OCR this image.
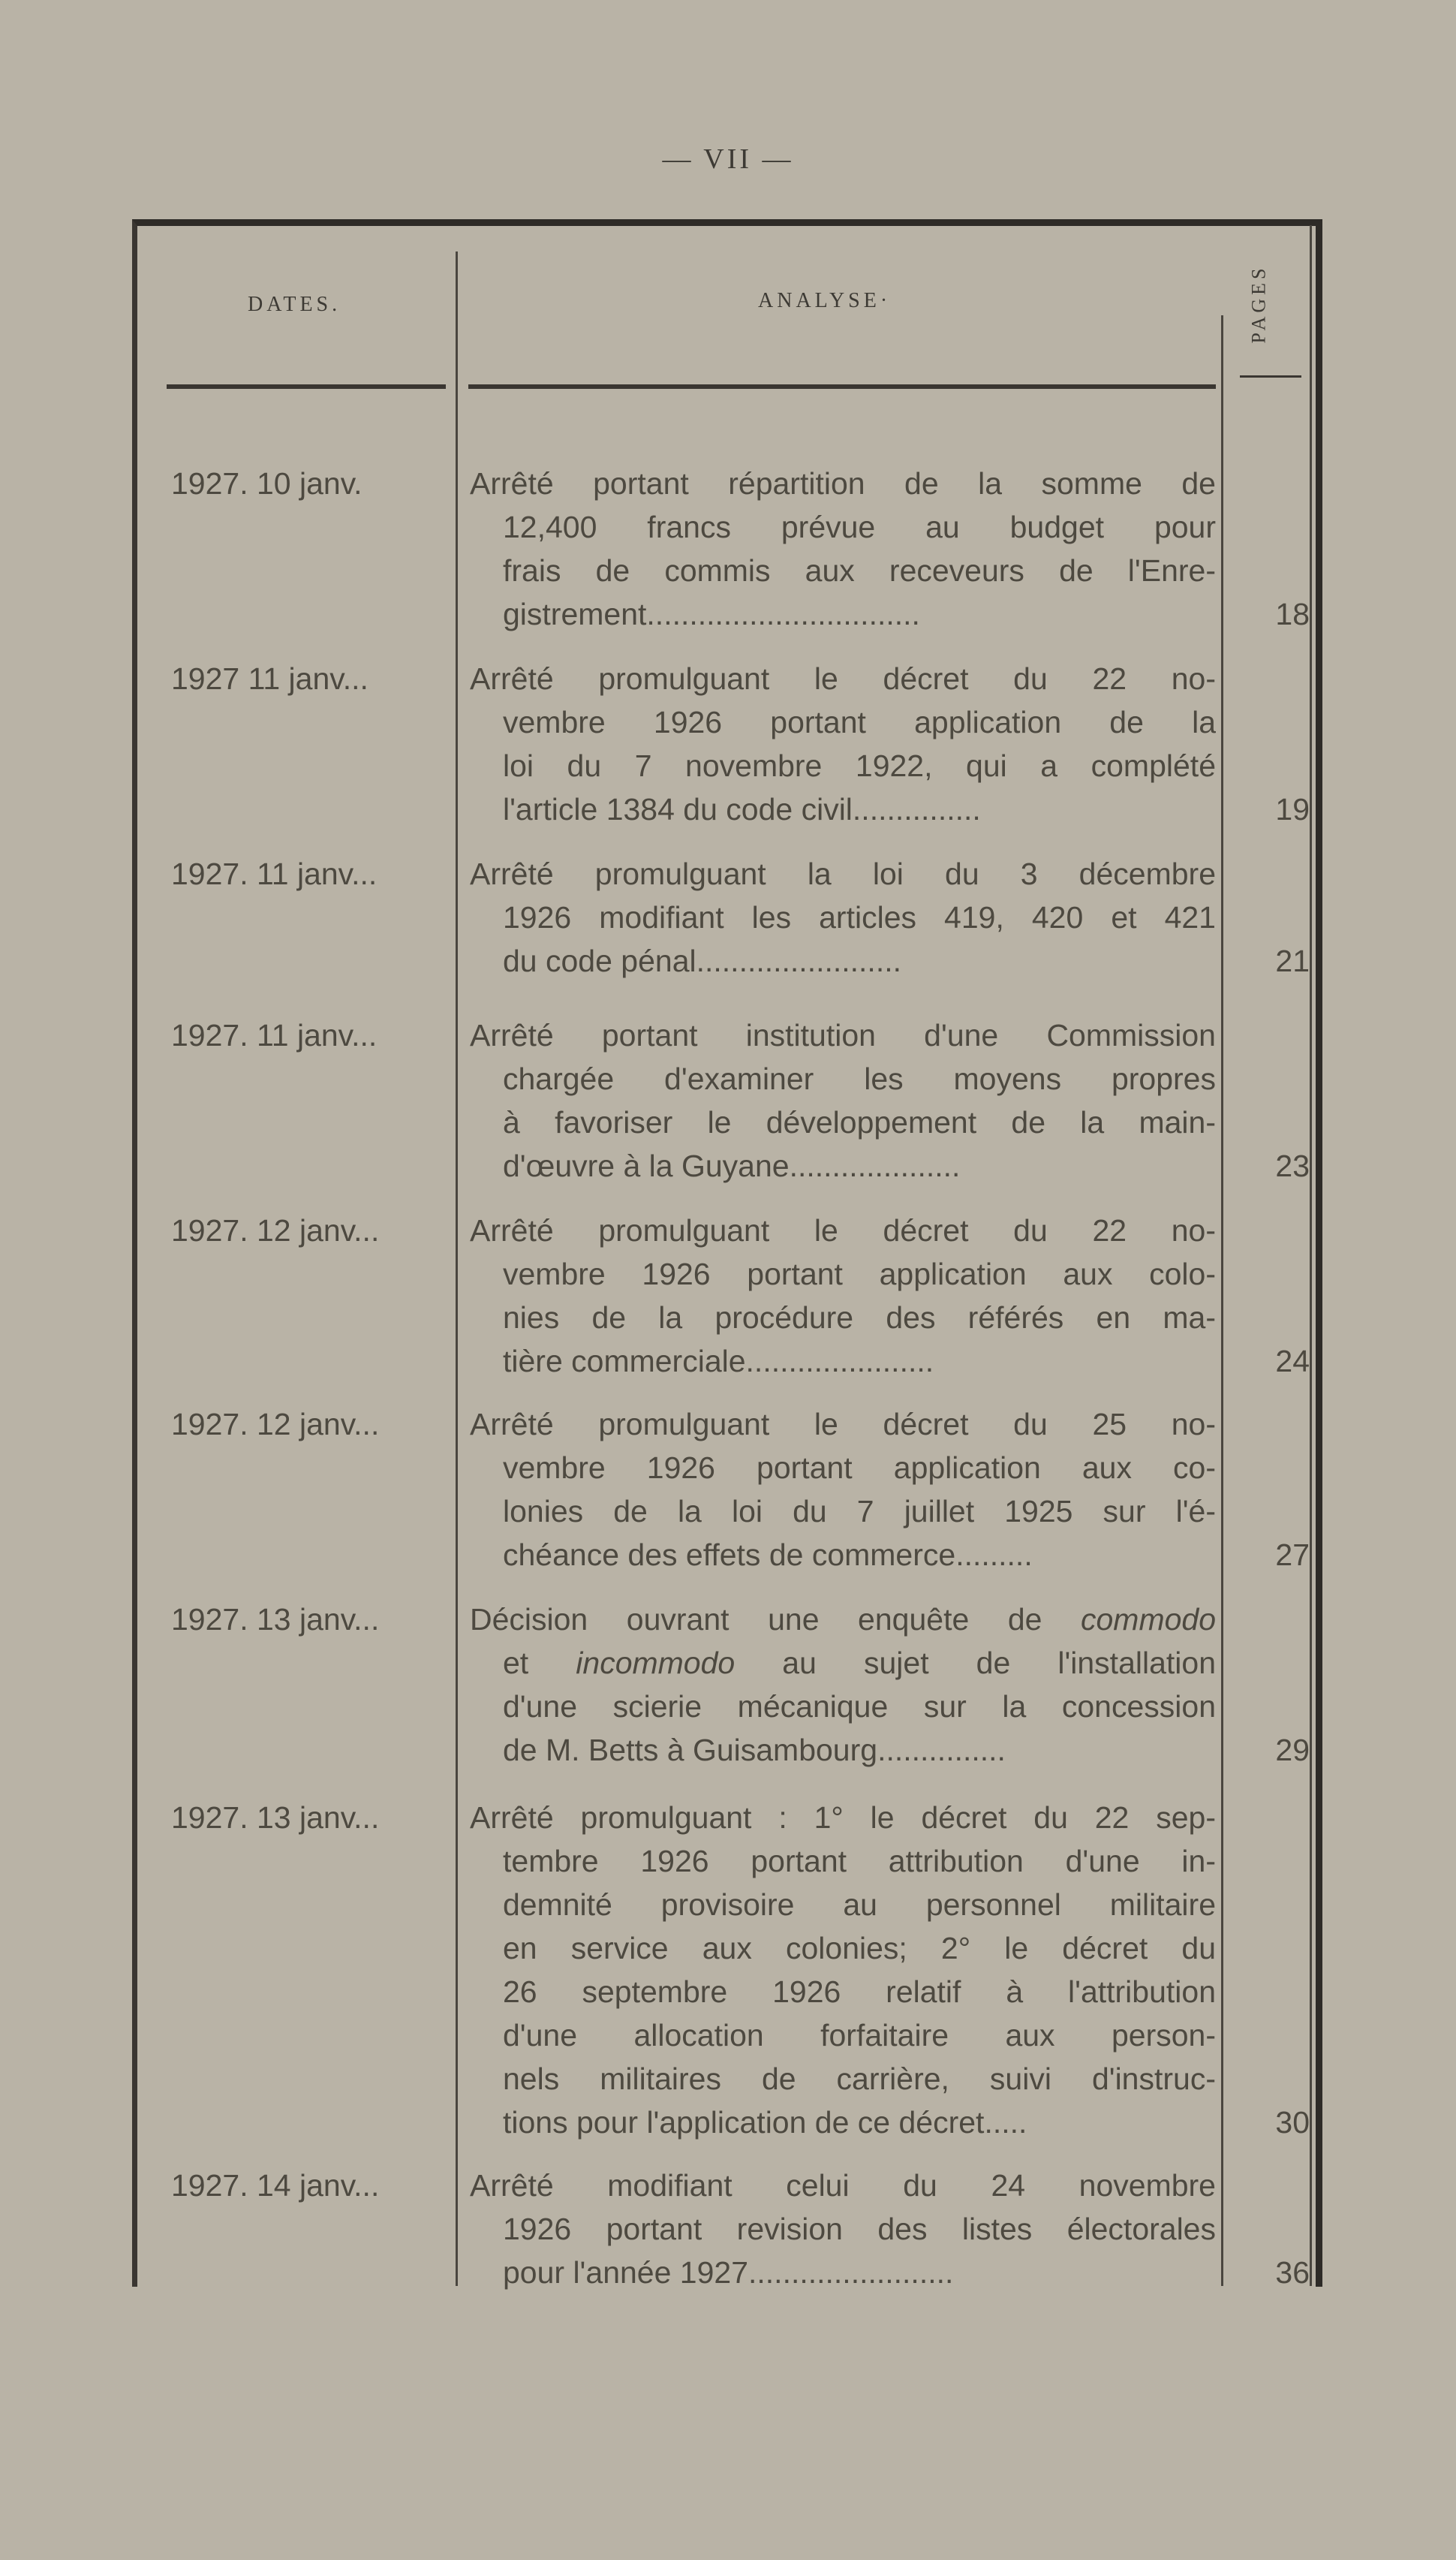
— VII —
DATES.	ANALYSE·	PAGES
1927. 10 janv.	Arrêté portant répartition de la somme de
12,400 francs prévue au budget pour
frais de commis aux receveurs de l'Enre-
gistrement................................	18
1927 11 janv...	Arrêté promulguant le décret du 22 no-
vembre 1926 portant application de la
loi du 7 novembre 1922, qui a complété
l'article 1384 du code civil...............	19
1927. 11 janv...	Arrêté promulguant la loi du 3 décembre
1926 modifiant les articles 419, 420 et 421
du code pénal........................	21
1927. 11 janv...	Arrêté portant institution d'une Commission
chargée d'examiner les moyens propres
à favoriser le développement de la main-
d'œuvre à la Guyane....................	23
1927. 12 janv...	Arrêté promulguant le décret du 22 no-
vembre 1926 portant application aux colo-
nies de la procédure des référés en ma-
tière commerciale......................	24
1927. 12 janv...	Arrêté promulguant le décret du 25 no-
vembre 1926 portant application aux co-
lonies de la loi du 7 juillet 1925 sur l'é-
chéance des effets de commerce.........	27
1927. 13 janv...	Décision ouvrant une enquête de commodo
et incommodo au sujet de l'installation
d'une scierie mécanique sur la concession
de M. Betts à Guisambourg...............	29
1927. 13 janv...	Arrêté promulguant : 1° le décret du 22 sep-
tembre 1926 portant attribution d'une in-
demnité provisoire au personnel militaire
en service aux colonies; 2° le décret du
26 septembre 1926 relatif à l'attribution
d'une allocation forfaitaire aux person-
nels militaires de carrière, suivi d'instruc-
tions pour l'application de ce décret.....	30
1927. 14 janv...	Arrêté modifiant celui du 24 novembre
1926 portant revision des listes électorales
pour l'année 1927........................	36
